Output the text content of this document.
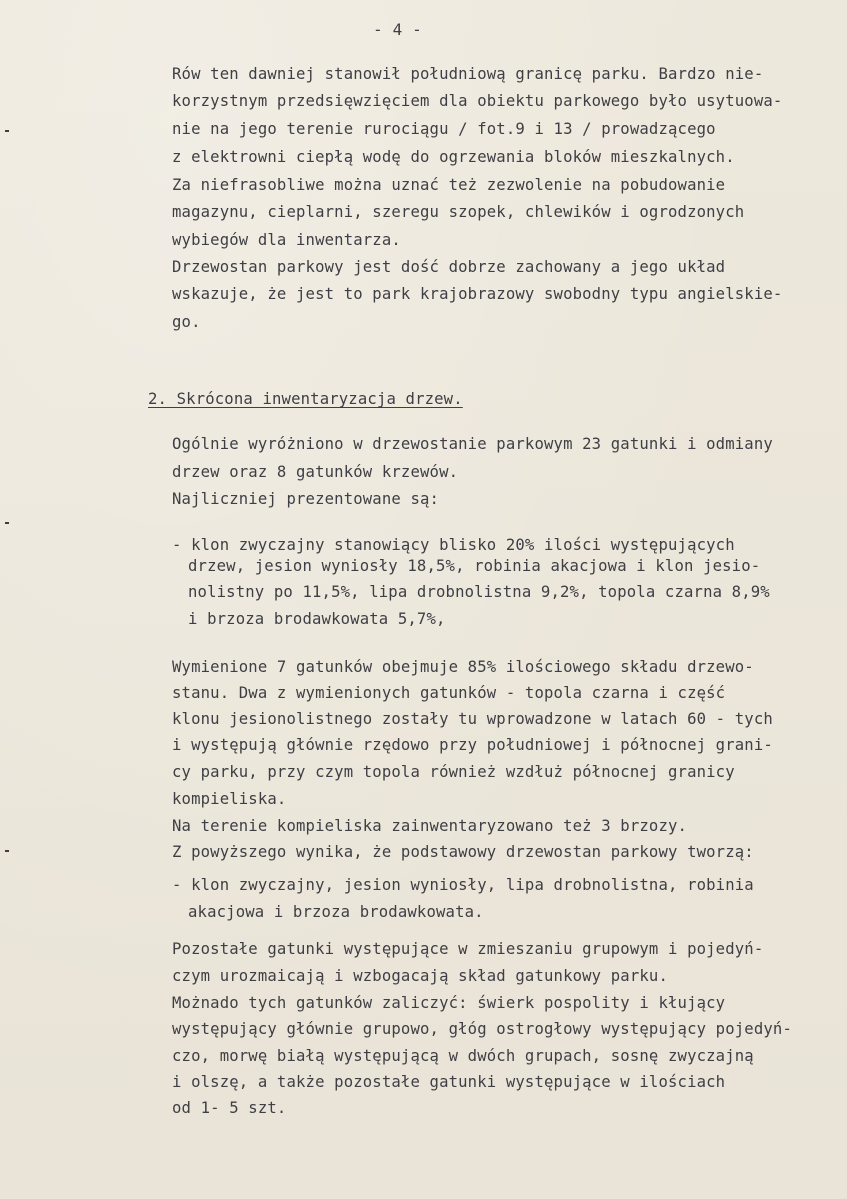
- 4 -
Rów ten dawniej stanowił południową granicę parku. Bardzo nie-
korzystnym przedsięwzięciem dla obiektu parkowego było usytuowa-
nie na jego terenie rurociągu / fot.9 i 13 / prowadzącego
z elektrowni ciepłą wodę do ogrzewania bloków mieszkalnych.
Za niefrasobliwe można uznać też zezwolenie na pobudowanie
magazynu, cieplarni, szeregu szopek, chlewików i ogrodzonych
wybiegów dla inwentarza.
Drzewostan parkowy jest dość dobrze zachowany a jego układ
wskazuje, że jest to park krajobrazowy swobodny typu angielskie-
go.
2. Skrócona inwentaryzacja drzew.
Ogólnie wyróżniono w drzewostanie parkowym 23 gatunki i odmiany
drzew oraz 8 gatunków krzewów.
Najliczniej prezentowane są:
- klon zwyczajny stanowiący blisko 20% ilości występujących
drzew, jesion wyniosły 18,5%, robinia akacjowa i klon jesio-
nolistny po 11,5%, lipa drobnolistna 9,2%, topola czarna 8,9%
i brzoza brodawkowata 5,7%,
Wymienione 7 gatunków obejmuje 85% ilościowego składu drzewo-
stanu. Dwa z wymienionych gatunków - topola czarna i część
klonu jesionolistnego zostały tu wprowadzone w latach 60 - tych
i występują głównie rzędowo przy południowej i północnej grani-
cy parku, przy czym topola również wzdłuż północnej granicy
kompieliska.
Na terenie kompieliska zainwentaryzowano też 3 brzozy.
Z powyższego wynika, że podstawowy drzewostan parkowy tworzą:
- klon zwyczajny, jesion wyniosły, lipa drobnolistna, robinia
akacjowa i brzoza brodawkowata.
Pozostałe gatunki występujące w zmieszaniu grupowym i pojedyń-
czym urozmaicają i wzbogacają skład gatunkowy parku.
Możnado tych gatunków zaliczyć: świerk pospolity i kłujący
występujący głównie grupowo, głóg ostrogłowy występujący pojedyń-
czo, morwę białą występującą w dwóch grupach, sosnę zwyczajną
i olszę, a także pozostałe gatunki występujące w ilościach
od 1- 5 szt.
